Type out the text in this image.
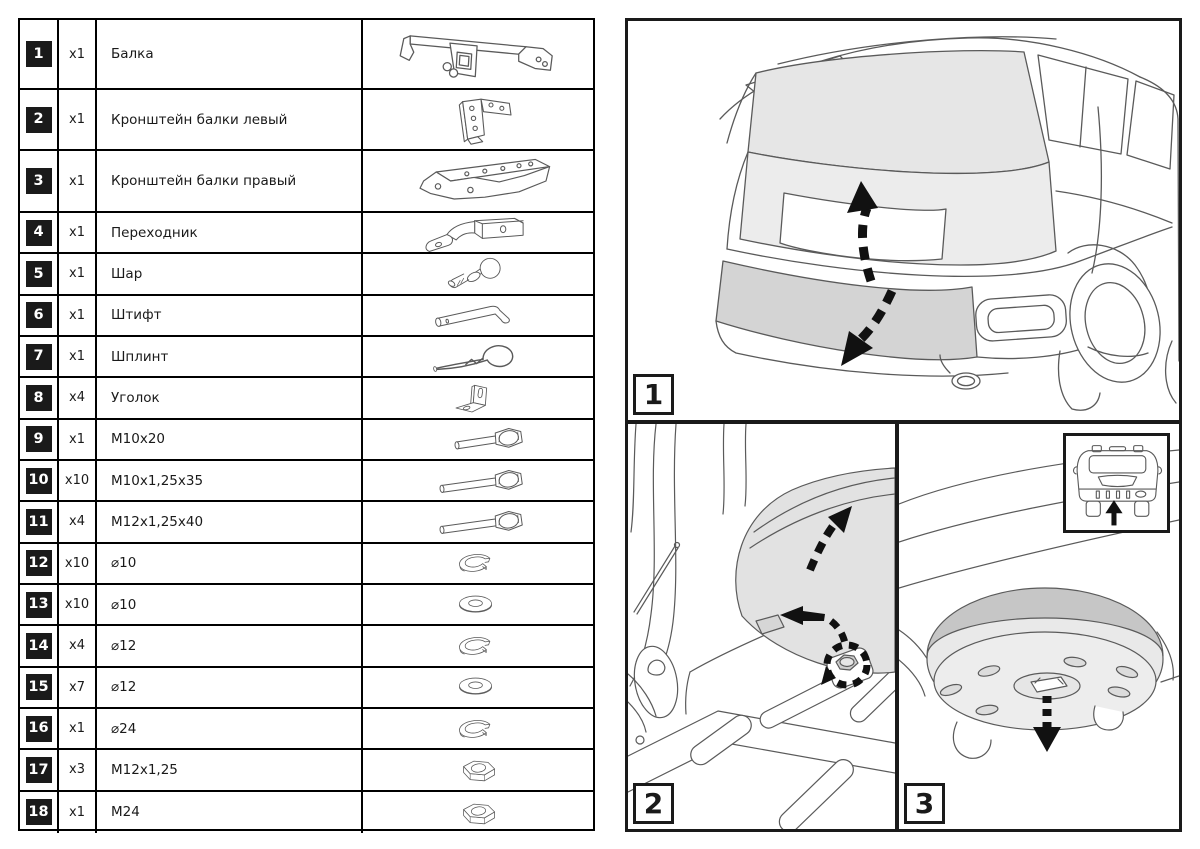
1	x1	Балка
2	x1	Кронштейн балки левый
3	x1	Кронштейн балки правый
4	x1	Переходник
5	x1	Шар
6	x1	Штифт
7	x1	Шплинт
8	x4	Уголок
9	x1	М10х20
10	x10	М10х1,25х35
11	x4	М12х1,25х40
12	x10	⌀10
13	x10	⌀10
14	x4	⌀12
15	x7	⌀12
16	x1	⌀24
17	x3	М12х1,25
18	x1	М24
1
2	3
